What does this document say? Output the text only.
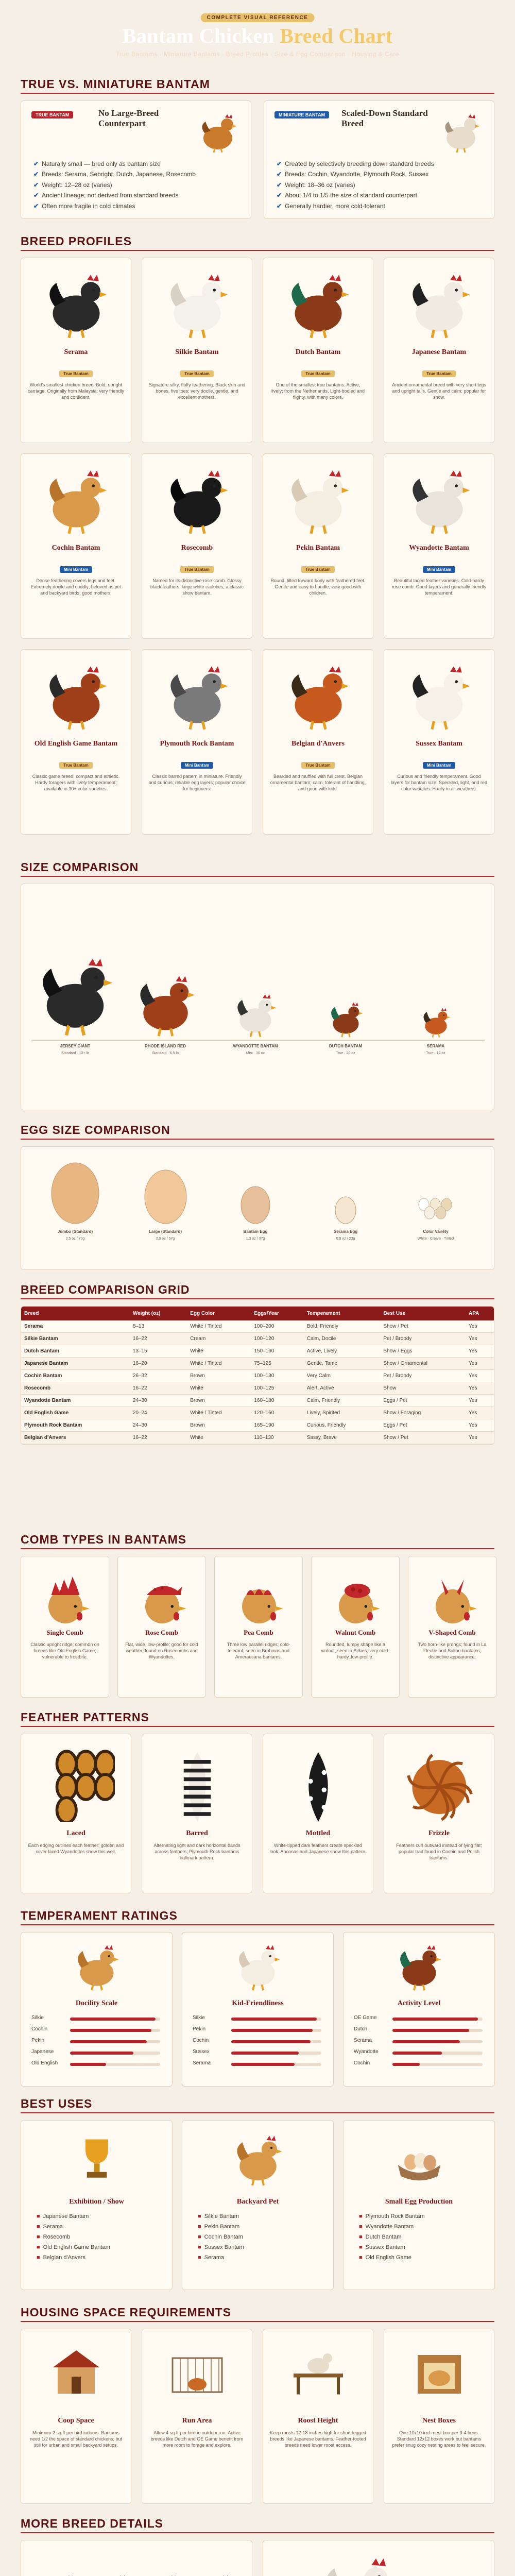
COMPLETE VISUAL REFERENCE
Bantam Chicken Breed Chart
True Bantams · Miniature Bantams · Breed Profiles · Size & Egg Comparison · Housing & Care
TRUE VS. MINIATURE BANTAM
TRUE BANTAM	No Large-Breed Counterpart
✔ Naturally small — bred only as bantam size
✔ Breeds: Serama, Sebright, Dutch, Japanese, Rosecomb
✔ Weight: 12–28 oz (varies)
✔ Ancient lineage; not derived from standard breeds
✔ Often more fragile in cold climates
MINIATURE BANTAM	Scaled-Down Standard Breed
✔ Created by selectively breeding down standard breeds
✔ Breeds: Cochin, Wyandotte, Plymouth Rock, Sussex
✔ Weight: 18–36 oz (varies)
✔ About 1/4 to 1/5 the size of standard counterpart
✔ Generally hardier, more cold-tolerant
BREED PROFILES
Serama
True Bantam
World's smallest chicken breed. Bold, upright carriage. Originally from Malaysia; very friendly and confident.
Silkie Bantam
True Bantam
Signature silky, fluffy feathering. Black skin and bones, five toes; very docile, gentle, and excellent mothers.
Dutch Bantam
True Bantam
One of the smallest true bantams. Active, lively; from the Netherlands. Light-bodied and flighty, with many colors.
Japanese Bantam
True Bantam
Ancient ornamental breed with very short legs and upright tails. Gentle and calm; popular for show.
Cochin Bantam
Mini Bantam
Dense feathering covers legs and feet. Extremely docile and cuddly; beloved as pet and backyard birds, good mothers.
Rosecomb
True Bantam
Named for its distinctive rose comb. Glossy black feathers, large white earlobes; a classic show bantam.
Pekin Bantam
True Bantam
Round, tilted forward body with feathered feet. Gentle and easy to handle; very good with children.
Wyandotte Bantam
Mini Bantam
Beautiful laced feather varieties. Cold-hardy rose comb. Good layers and generally friendly temperament.
Old English Game Bantam
True Bantam
Classic game breed; compact and athletic. Hardy foragers with lively temperament; available in 30+ color varieties.
Plymouth Rock Bantam
Mini Bantam
Classic barred pattern in miniature. Friendly and curious; reliable egg layers; popular choice for beginners.
Belgian d'Anvers
True Bantam
Bearded and muffled with full crest. Belgian ornamental bantam; calm, tolerant of handling, and good with kids.
Sussex Bantam
Mini Bantam
Curious and friendly temperament. Good layers for bantam size. Speckled, light, and red color varieties. Hardy in all weathers.
SIZE COMPARISON
JERSEY GIANT
Standard · 13+ lb
RHODE ISLAND RED
Standard · 6.5 lb
WYANDOTTE BANTAM
Mini · 30 oz
DUTCH BANTAM
True · 20 oz
SERAMA
True · 12 oz
EGG SIZE COMPARISON
Jumbo (Standard)
2.5 oz / 70g
Large (Standard)
2.0 oz / 57g
Bantam Egg
1.3 oz / 37g
Serama Egg
0.8 oz / 23g
Color Variety
White · Cream · Tinted
BREED COMPARISON GRID
Breed	Weight (oz)	Egg Color	Eggs/Year	Temperament	Best Use	APA
Serama	8–13	White / Tinted	100–200	Bold, Friendly	Show / Pet	Yes
Silkie Bantam	16–22	Cream	100–120	Calm, Docile	Pet / Broody	Yes
Dutch Bantam	13–15	White	150–160	Active, Lively	Show / Eggs	Yes
Japanese Bantam	16–20	White / Tinted	75–125	Gentle, Tame	Show / Ornamental	Yes
Cochin Bantam	26–32	Brown	100–130	Very Calm	Pet / Broody	Yes
Rosecomb	16–22	White	100–125	Alert, Active	Show	Yes
Wyandotte Bantam	24–30	Brown	160–180	Calm, Friendly	Eggs / Pet	Yes
Old English Game	20–24	White / Tinted	120–150	Lively, Spirited	Show / Foraging	Yes
Plymouth Rock Bantam	24–30	Brown	165–190	Curious, Friendly	Eggs / Pet	Yes
Belgian d'Anvers	16–22	White	110–130	Sassy, Brave	Show / Pet	Yes
COMB TYPES IN BANTAMS
Single Comb
Classic upright ridge; common on breeds like Old English Game; vulnerable to frostbite.
Rose Comb
Flat, wide, low-profile; good for cold weather; found on Rosecombs and Wyandottes.
Pea Comb
Three low parallel ridges; cold-tolerant; seen in Brahmas and Ameraucana bantams.
Walnut Comb
Rounded, lumpy shape like a walnut; seen in Silkies; very cold-hardy, low-profile.
V-Shaped Comb
Two horn-like prongs; found in La Fleche and Sultan bantams; distinctive appearance.
FEATHER PATTERNS
Laced
Each edging outlines each feather; golden and silver laced Wyandottes show this well.
Barred
Alternating light and dark horizontal bands across feathers; Plymouth Rock bantams hallmark pattern.
Mottled
White-tipped dark feathers create speckled look; Anconas and Japanese show this pattern.
Frizzle
Feathers curl outward instead of lying flat; popular trait found in Cochin and Polish bantams.
TEMPERAMENT RATINGS
Docility Scale
Silkie
Cochin
Pekin
Japanese
Old English
Kid-Friendliness
Silkie
Pekin
Cochin
Sussex
Serama
Activity Level
OE Game
Dutch
Serama
Wyandotte
Cochin
BEST USES
Exhibition / Show
■ Japanese Bantam
■ Serama
■ Rosecomb
■ Old English Game Bantam
■ Belgian d'Anvers
Backyard Pet
■ Silkie Bantam
■ Pekin Bantam
■ Cochin Bantam
■ Sussex Bantam
■ Serama
Small Egg Production
■ Plymouth Rock Bantam
■ Wyandotte Bantam
■ Dutch Bantam
■ Sussex Bantam
■ Old English Game
HOUSING SPACE REQUIREMENTS
Coop Space
Minimum 2 sq ft per bird indoors. Bantams need 1/2 the space of standard chickens; but still for urban and small backyard setups.
Run Area
Allow 4 sq ft per bird in outdoor run. Active breeds like Dutch and OE Game benefit from more room to forage and explore.
Roost Height
Keep roosts 12-18 inches high for short-legged breeds like Japanese bantams. Feather-footed breeds need lower roost access.
Nest Boxes
One 10x10 inch nest box per 3-4 hens. Standard 12x12 boxes work but bantams prefer snug cozy nesting areas to feel secure.
MORE BREED DETAILS
